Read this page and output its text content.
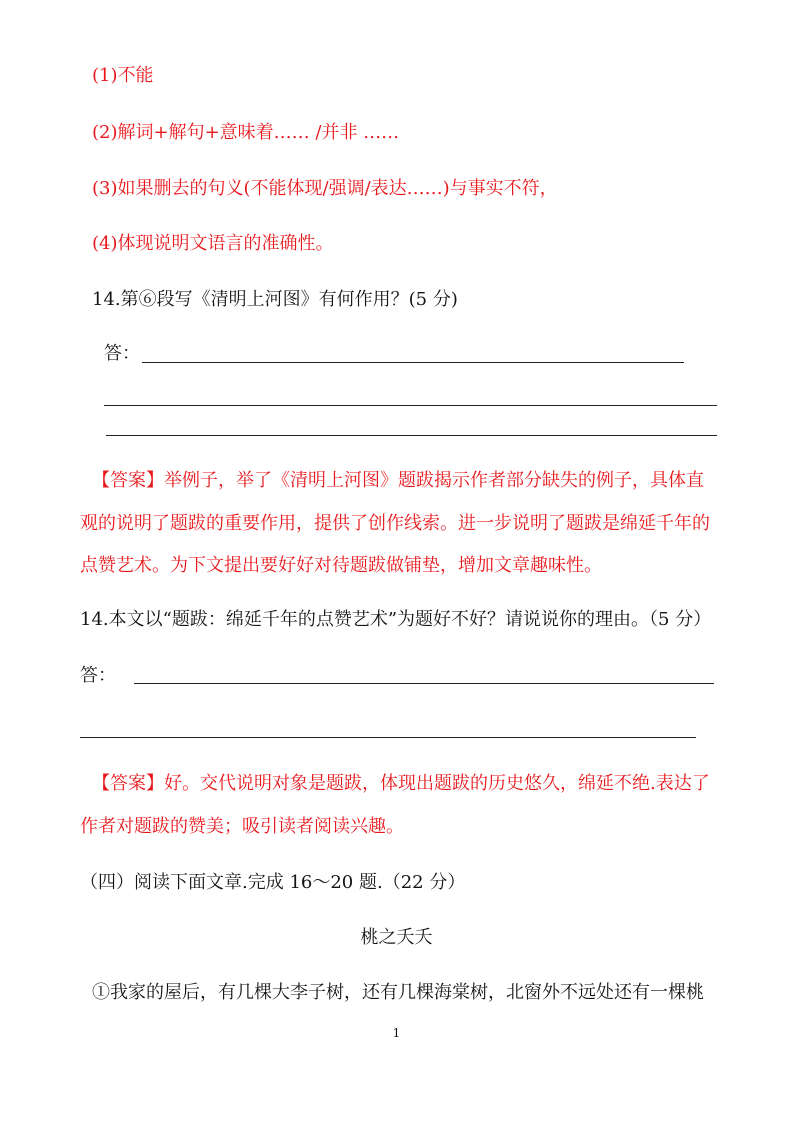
(1)不能
(2)解词+解句+意味着…… /并非 ……
(3)如果删去的句义(不能体现/强调/表达……)与事实不符，
(4)体现说明文语言的准确性。
14.第⑥段写《清明上河图》有何作用？(5 分)
答：
【答案】举例子，举了《清明上河图》题跋揭示作者部分缺失的例子，具体直
观的说明了题跋的重要作用，提供了创作线索。进一步说明了题跋是绵延千年的
点赞艺术。为下文提出要好好对待题跋做铺垫，增加文章趣味性。
14.本文以“题跋：绵延千年的点赞艺术”为题好不好？请说说你的理由。（5 分）
答：
【答案】好。交代说明对象是题跋，体现出题跋的历史悠久，绵延不绝.表达了
作者对题跋的赞美；吸引读者阅读兴趣。
（四）阅读下面文章.完成 16～20 题.（22 分）
桃之夭夭
①我家的屋后，有几棵大李子树，还有几棵海棠树，北窗外不远处还有一棵桃
1
